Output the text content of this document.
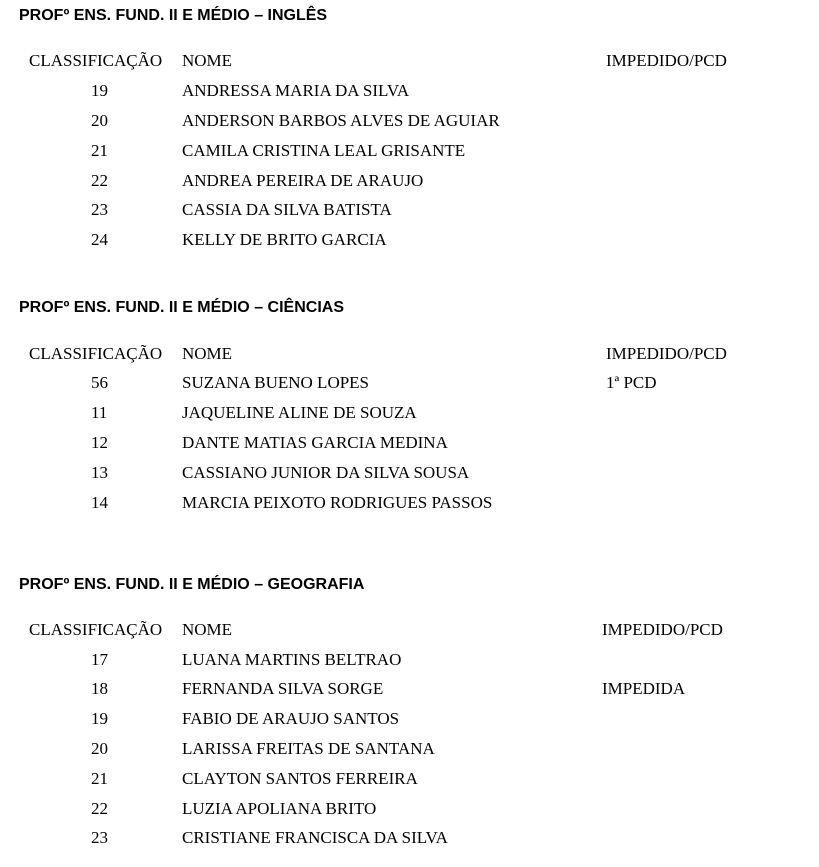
PROFº ENS. FUND. II E MÉDIO – INGLÊS
CLASSIFICAÇÃO NOME	IMPEDIDO/PCD
19	ANDRESSA MARIA DA SILVA
20	ANDERSON BARBOS ALVES DE AGUIAR
21	CAMILA CRISTINA LEAL GRISANTE
22	ANDREA PEREIRA DE ARAUJO
23	CASSIA DA SILVA BATISTA
24	KELLY DE BRITO GARCIA
PROFº ENS. FUND. II E MÉDIO – CIÊNCIAS
CLASSIFICAÇÃO NOME	IMPEDIDO/PCD
56	SUZANA BUENO LOPES	1ª PCD
11	JAQUELINE ALINE DE SOUZA
12	DANTE MATIAS GARCIA MEDINA
13	CASSIANO JUNIOR DA SILVA SOUSA
14	MARCIA PEIXOTO RODRIGUES PASSOS
PROFº ENS. FUND. II E MÉDIO – GEOGRAFIA
CLASSIFICAÇÃO NOME	IMPEDIDO/PCD
17	LUANA MARTINS BELTRAO
18	FERNANDA SILVA SORGE	IMPEDIDA
19	FABIO DE ARAUJO SANTOS
20	LARISSA FREITAS DE SANTANA
21	CLAYTON SANTOS FERREIRA
22	LUZIA APOLIANA BRITO
23	CRISTIANE FRANCISCA DA SILVA
